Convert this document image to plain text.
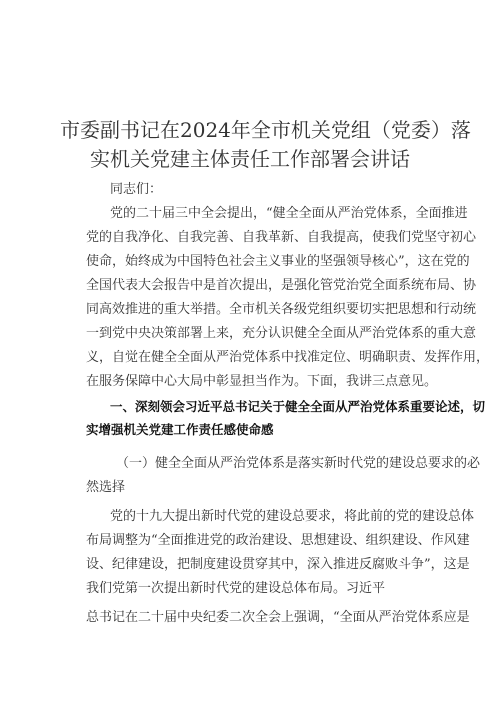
市委副书记在2024年全市机关党组（党委）落
实机关党建主体责任工作部署会讲话
同志们：
党的二十届三中全会提出，“健全全面从严治党体系，全面推进
党的自我净化、自我完善、自我革新、自我提高，使我们党坚守初心
使命，始终成为中国特色社会主义事业的坚强领导核心”，这在党的
全国代表大会报告中是首次提出，是强化管党治党全面系统布局、协
同高效推进的重大举措。全市机关各级党组织要切实把思想和行动统
一到党中央决策部署上来，充分认识健全全面从严治党体系的重大意
义，自觉在健全全面从严治党体系中找准定位、明确职责、发挥作用，
在服务保障中心大局中彰显担当作为。下面，我讲三点意见。
一、深刻领会习近平总书记关于健全全面从严治党体系重要论述，切
实增强机关党建工作责任感使命感
（一）健全全面从严治党体系是落实新时代党的建设总要求的必
然选择
党的十九大提出新时代党的建设总要求，将此前的党的建设总体
布局调整为“全面推进党的政治建设、思想建设、组织建设、作风建
设、纪律建设，把制度建设贯穿其中，深入推进反腐败斗争”，这是
我们党第一次提出新时代党的建设总体布局。习近平
总书记在二十届中央纪委二次全会上强调，“全面从严治党体系应是
